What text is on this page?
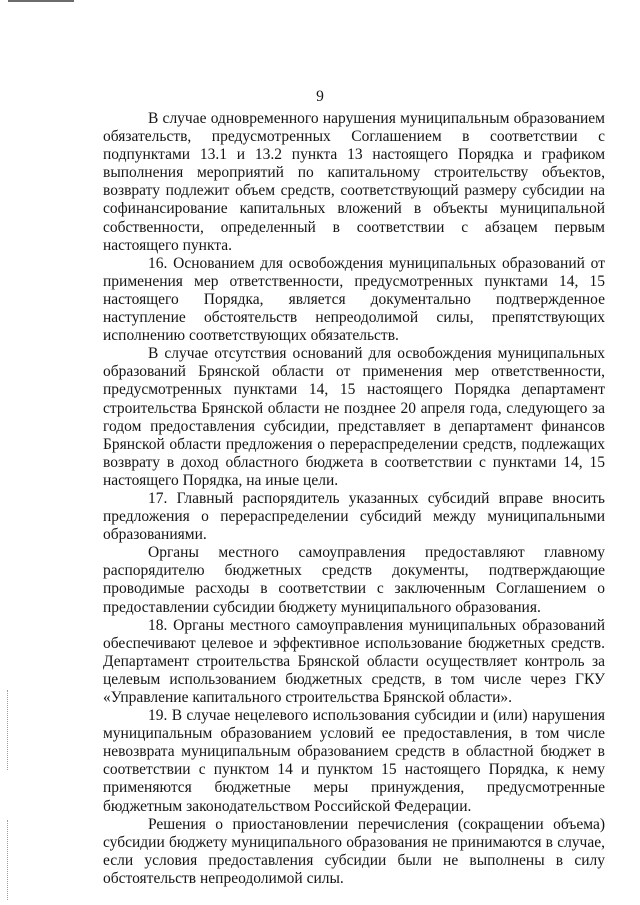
9

В случае одновременного нарушения муниципальным образованием обязательств, предусмотренных Соглашением в соответствии с подпунктами 13.1 и 13.2 пункта 13 настоящего Порядка и графиком выполнения мероприятий по капитальному строительству объектов, возврату подлежит объем средств, соответствующий размеру субсидии на софинансирование капитальных вложений в объекты муниципальной собственности, определенный в соответствии с абзацем первым настоящего пункта.

16. Основанием для освобождения муниципальных образований от применения мер ответственности, предусмотренных пунктами 14, 15 настоящего Порядка, является документально подтвержденное наступление обстоятельств непреодолимой силы, препятствующих исполнению соответствующих обязательств.

В случае отсутствия оснований для освобождения муниципальных образований Брянской области от применения мер ответственности, предусмотренных пунктами 14, 15 настоящего Порядка департамент строительства Брянской области не позднее 20 апреля года, следующего за годом предоставления субсидии, представляет в департамент финансов Брянской области предложения о перераспределении средств, подлежащих возврату в доход областного бюджета в соответствии с пунктами 14, 15 настоящего Порядка, на иные цели.

17. Главный распорядитель указанных субсидий вправе вносить предложения о перераспределении субсидий между муниципальными образованиями.

Органы местного самоуправления предоставляют главному распорядителю бюджетных средств документы, подтверждающие проводимые расходы в соответствии с заключенным Соглашением о предоставлении субсидии бюджету муниципального образования.

18. Органы местного самоуправления муниципальных образований обеспечивают целевое и эффективное использование бюджетных средств. Департамент строительства Брянской области осуществляет контроль за целевым использованием бюджетных средств, в том числе через ГКУ «Управление капитального строительства Брянской области».

19. В случае нецелевого использования субсидии и (или) нарушения муниципальным образованием условий ее предоставления, в том числе невозврата муниципальным образованием средств в областной бюджет в соответствии с пунктом 14 и пунктом 15 настоящего Порядка, к нему применяются бюджетные меры принуждения, предусмотренные бюджетным законодательством Российской Федерации.

Решения о приостановлении перечисления (сокращении объема) субсидии бюджету муниципального образования не принимаются в случае, если условия предоставления субсидии были не выполнены в силу обстоятельств непреодолимой силы.
